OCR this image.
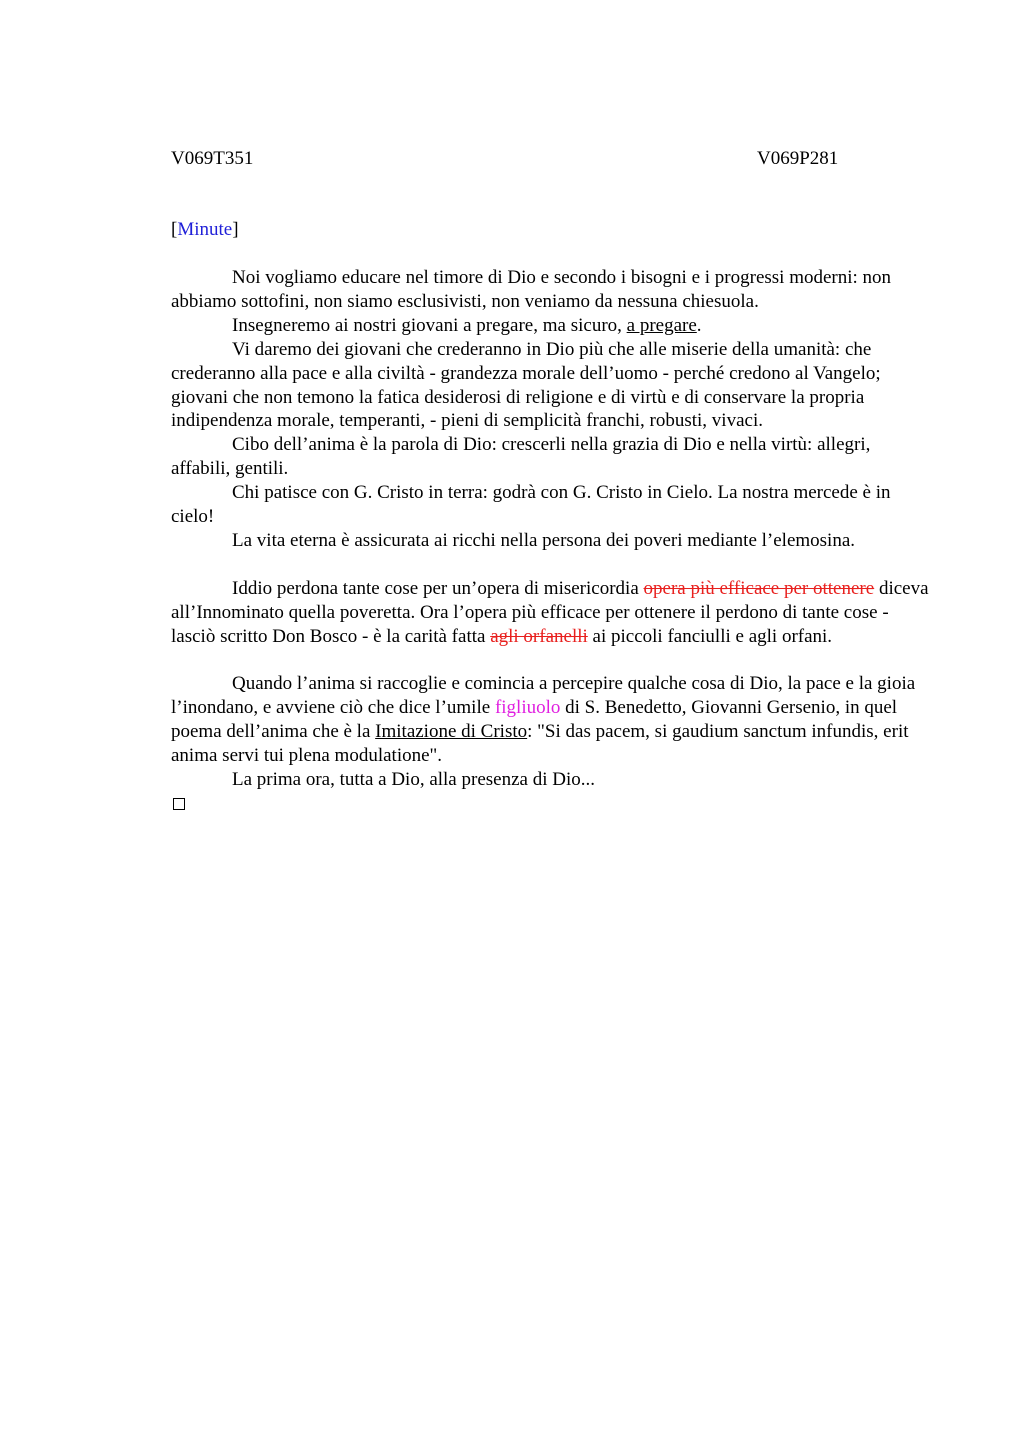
V069T351	V069P281
[Minute]

Noi vogliamo educare nel timore di Dio e secondo i bisogni e i progressi moderni: non abbiamo sottofini, non siamo esclusivisti, non veniamo da nessuna chiesuola.

Insegneremo ai nostri giovani a pregare, ma sicuro, a pregare.

Vi daremo dei giovani che crederanno in Dio più che alle miserie della umanità: che crederanno alla pace e alla civiltà - grandezza morale dell’uomo - perché credono al Vangelo; giovani che non temono la fatica desiderosi di religione e di virtù e di conservare la propria indipendenza morale, temperanti, - pieni di semplicità franchi, robusti, vivaci.

Cibo dell’anima è la parola di Dio: crescerli nella grazia di Dio e nella virtù: allegri, affabili, gentili.

Chi patisce con G. Cristo in terra: godrà con G. Cristo in Cielo. La nostra mercede è in cielo!

La vita eterna è assicurata ai ricchi nella persona dei poveri mediante l’elemosina.

Iddio perdona tante cose per un’opera di misericordia opera più efficace per ottenere diceva all’Innominato quella poveretta. Ora l’opera più efficace per ottenere il perdono di tante cose - lasciò scritto Don Bosco - è la carità fatta agli orfanelli ai piccoli fanciulli e agli orfani.

Quando l’anima si raccoglie e comincia a percepire qualche cosa di Dio, la pace e la gioia l’inondano, e avviene ciò che dice l’umile figliuolo di S. Benedetto, Giovanni Gersenio, in quel poema dell’anima che è la Imitazione di Cristo: "Si das pacem, si gaudium sanctum infundis, erit anima servi tui plena modulatione".

La prima ora, tutta a Dio, alla presenza di Dio...
